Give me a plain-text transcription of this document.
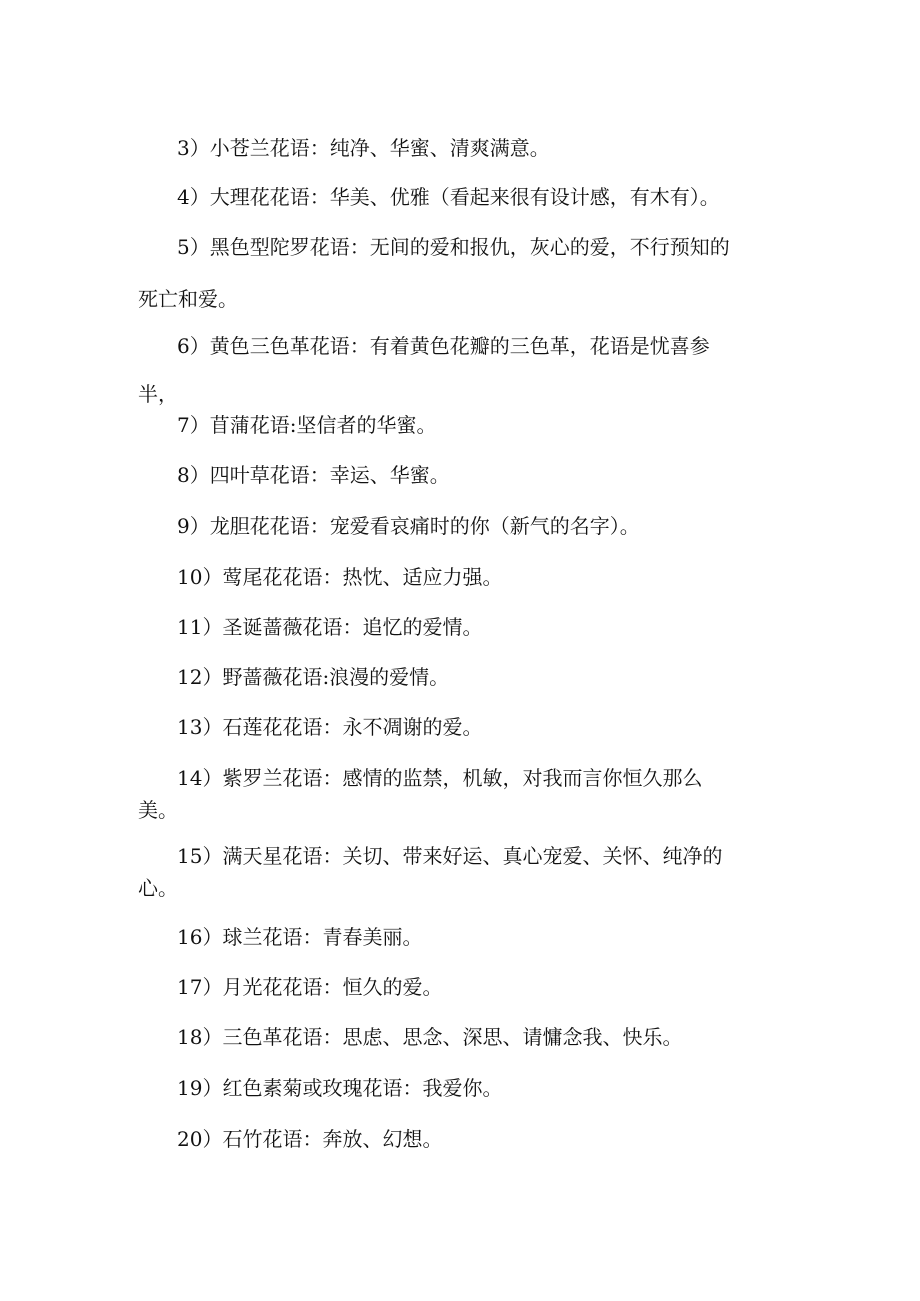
3）小苍兰花语：纯净、华蜜、清爽满意。
4）大理花花语：华美、优雅（看起来很有设计感，有木有）。
5）黑色型陀罗花语：无间的爱和报仇，灰心的爱，不行预知的
死亡和爱。
6）黄色三色革花语：有着黄色花瓣的三色革，花语是忧喜参
半，
7）苜蒲花语:坚信者的华蜜。
8）四叶草花语：幸运、华蜜。
9）龙胆花花语：宠爱看哀痛时的你（新气的名字）。
10）莺尾花花语：热忱、适应力强。
11）圣诞蔷薇花语：追忆的爱情。
12）野蔷薇花语:浪漫的爱情。
13）石莲花花语：永不凋谢的爱。
14）紫罗兰花语：感情的监禁，机敏，对我而言你恒久那么
美。
15）满天星花语：关切、带来好运、真心宠爱、关怀、纯净的
心。
16）球兰花语：青春美丽。
17）月光花花语：恒久的爱。
18）三色革花语：思虑、思念、深思、请慵念我、快乐。
19）红色素菊或玫瑰花语：我爱你。
20）石竹花语：奔放、幻想。
